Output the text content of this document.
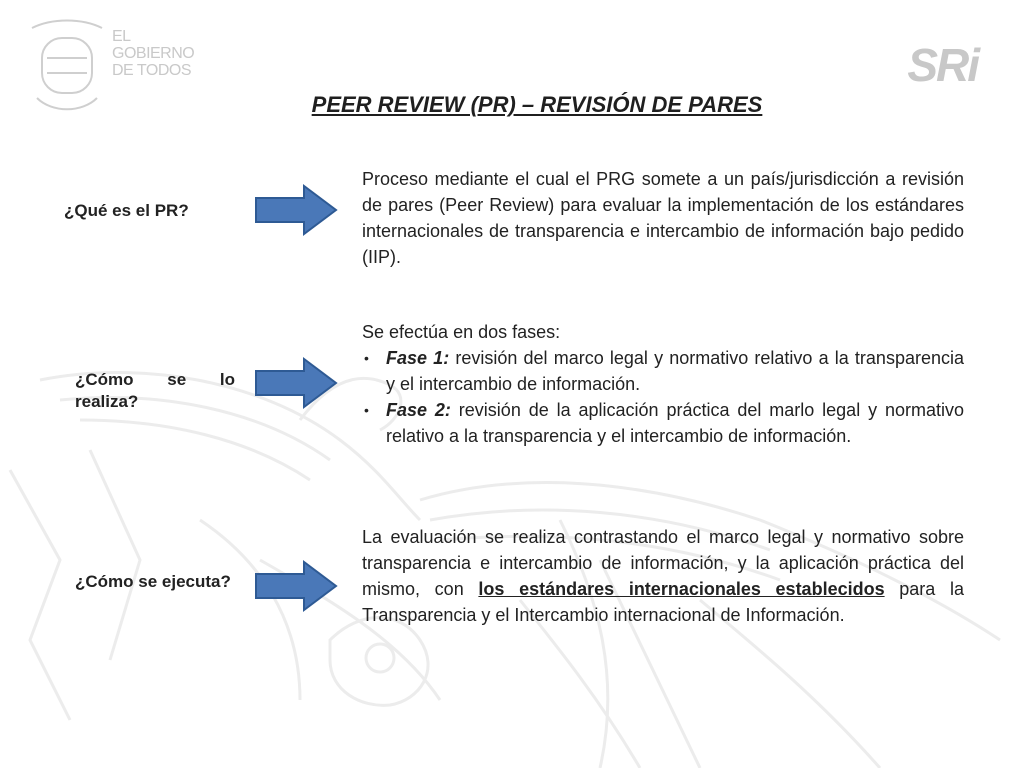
EL
GOBIERNO
DE TODOS	SRi
PEER REVIEW (PR) – REVISIÓN DE PARES
¿Qué es el PR?
Proceso mediante el cual el PRG somete a un país/jurisdicción a revisión de pares (Peer Review) para evaluar la implementación de los estándares internacionales de transparencia e intercambio de información bajo pedido (IIP).
¿Cómo se lo realiza?
Se efectúa en dos fases:
• Fase 1: revisión del marco legal y normativo relativo a la transparencia y el intercambio de información.
• Fase 2: revisión de la aplicación práctica del marlo legal y normativo relativo a la transparencia y el intercambio de información.
¿Cómo se ejecuta?
La evaluación se realiza contrastando el marco legal y normativo sobre transparencia e intercambio de información, y la aplicación práctica del mismo, con los estándares internacionales establecidos para la Transparencia y el Intercambio internacional de Información.
